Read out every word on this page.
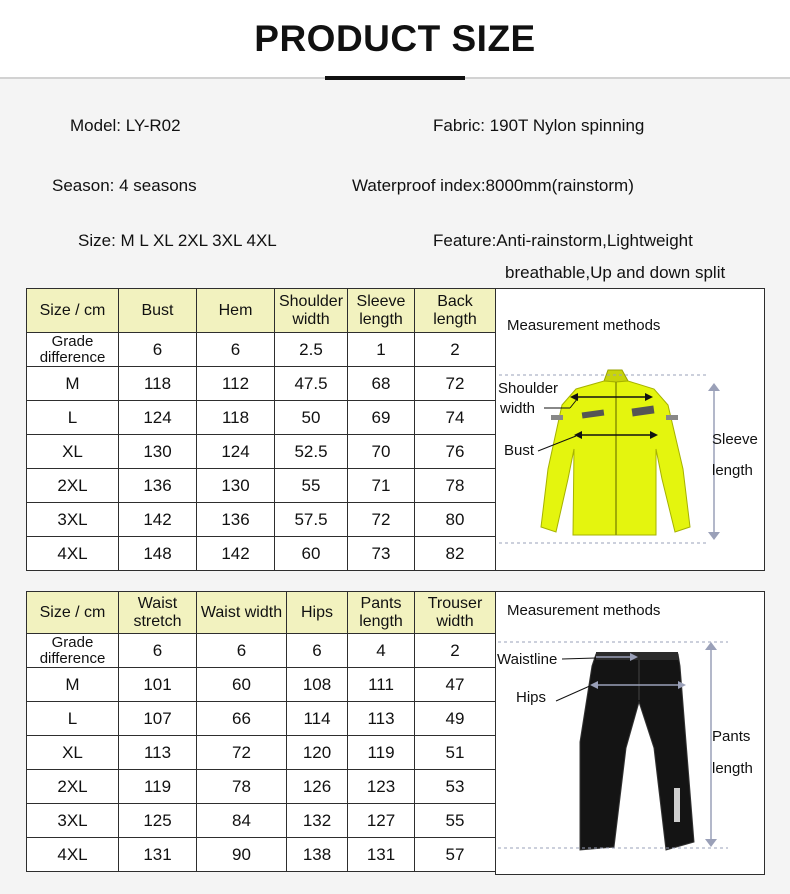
PRODUCT SIZE
Model: LY-R02	Fabric: 190T Nylon spinning
Season: 4 seasons	Waterproof index:8000mm(rainstorm)
Size: M L XL 2XL 3XL 4XL	Feature:Anti-rainstorm,Lightweight
breathable,Up and down split
Size / cm	Bust	Hem	Shoulder width	Sleeve length	Back length
Grade difference	6	6	2.5	1	2
M	118	112	47.5	68	72
L	124	118	50	69	74
XL	130	124	52.5	70	76
2XL	136	130	55	71	78
3XL	142	136	57.5	72	80
4XL	148	142	60	73	82
Measurement methods
Shoulder
width
Bust
Sleeve
length
Size / cm	Waist stretch	Waist width	Hips	Pants length	Trouser width
Grade difference	6	6	6	4	2
M	101	60	108	111	47
L	107	66	114	113	49
XL	113	72	120	119	51
2XL	119	78	126	123	53
3XL	125	84	132	127	55
4XL	131	90	138	131	57
Measurement methods
Waistline
Hips
Pants
length
